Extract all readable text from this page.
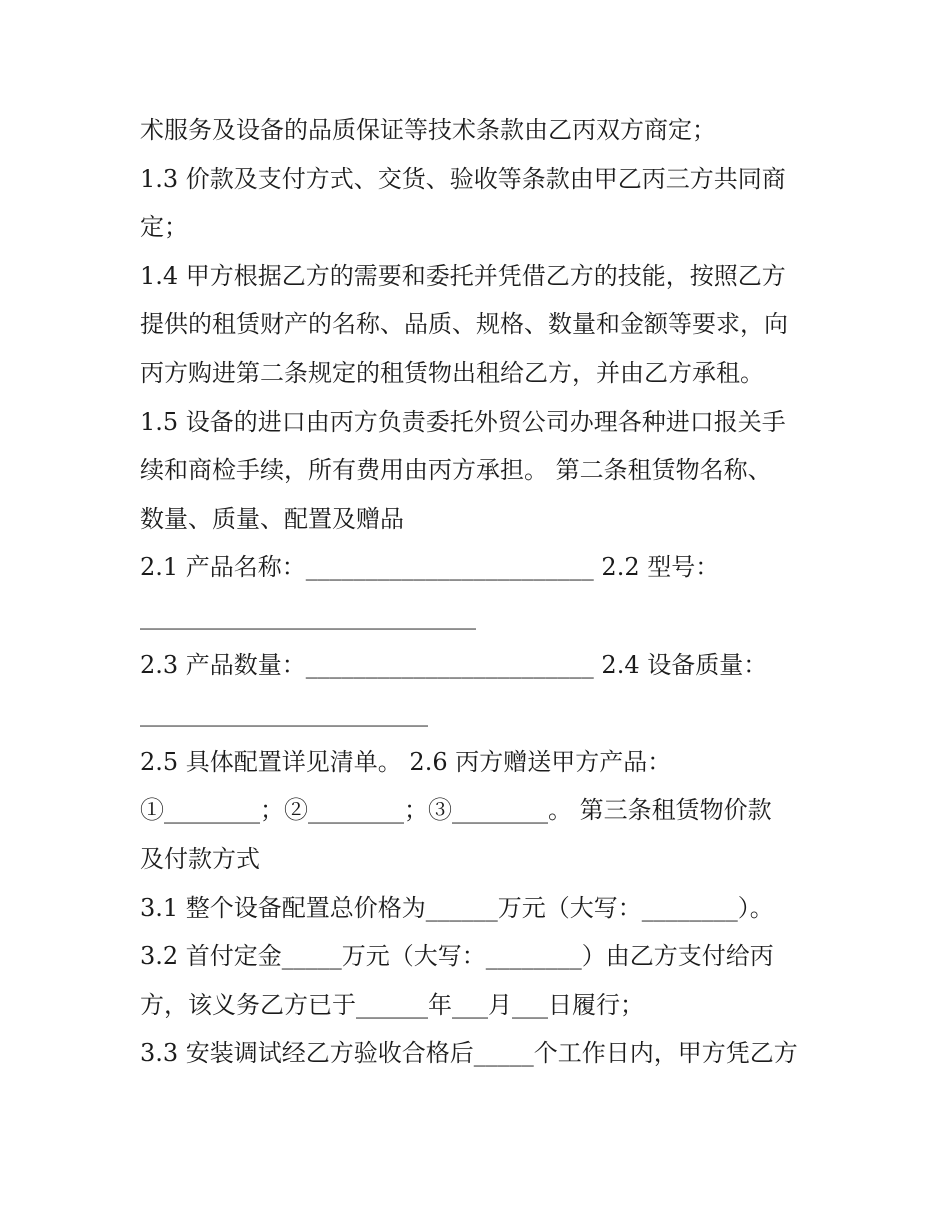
术服务及设备的品质保证等技术条款由乙丙双方商定；
1.3 价款及支付方式、交货、验收等条款由甲乙丙三方共同商
定；
1.4 甲方根据乙方的需要和委托并凭借乙方的技能，按照乙方
提供的租赁财产的名称、品质、规格、数量和金额等要求，向
丙方购进第二条规定的租赁物出租给乙方，并由乙方承租。
1.5 设备的进口由丙方负责委托外贸公司办理各种进口报关手
续和商检手续，所有费用由丙方承担。 第二条租赁物名称、
数量、质量、配置及赠品
2.1 产品名称：________________________ 2.2 型号：
____________________________
2.3 产品数量：________________________ 2.4 设备质量：
________________________
2.5 具体配置详见清单。 2.6 丙方赠送甲方产品：
①________；②________；③________。 第三条租赁物价款
及付款方式
3.1 整个设备配置总价格为______万元（大写：________）。
3.2 首付定金_____万元（大写：________）由乙方支付给丙
方，该义务乙方已于______年___月___日履行；
3.3 安装调试经乙方验收合格后_____个工作日内，甲方凭乙方
